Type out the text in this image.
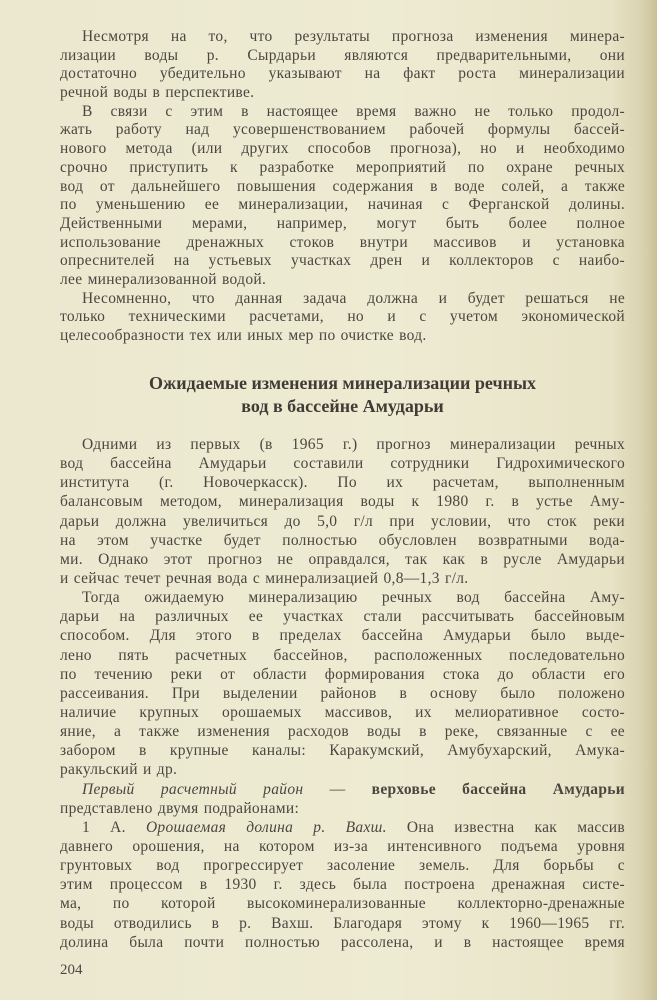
Несмотря на то, что результаты прогноза изменения минера-
лизации воды р. Сырдарьи являются предварительными, они
достаточно убедительно указывают на факт роста минерализации
речной воды в перспективе.
В связи с этим в настоящее время важно не только продол-
жать работу над усовершенствованием рабочей формулы бассей-
нового метода (или других способов прогноза), но и необходимо
срочно приступить к разработке мероприятий по охране речных
вод от дальнейшего повышения содержания в воде солей, а также
по уменьшению ее минерализации, начиная с Ферганской долины.
Действенными мерами, например, могут быть более полное
использование дренажных стоков внутри массивов и установка
опреснителей на устьевых участках дрен и коллекторов с наибо-
лее минерализованной водой.
Несомненно, что данная задача должна и будет решаться не
только техническими расчетами, но и с учетом экономической
целесообразности тех или иных мер по очистке вод.
Ожидаемые изменения минерализации речных
вод в бассейне Амударьи
Одними из первых (в 1965 г.) прогноз минерализации речных
вод бассейна Амударьи составили сотрудники Гидрохимического
института (г. Новочеркасск). По их расчетам, выполненным
балансовым методом, минерализация воды к 1980 г. в устье Аму-
дарьи должна увеличиться до 5,0 г/л при условии, что сток реки
на этом участке будет полностью обусловлен возвратными вода-
ми. Однако этот прогноз не оправдался, так как в русле Амударьи
и сейчас течет речная вода с минерализацией 0,8—1,3 г/л.
Тогда ожидаемую минерализацию речных вод бассейна Аму-
дарьи на различных ее участках стали рассчитывать бассейновым
способом. Для этого в пределах бассейна Амударьи было выде-
лено пять расчетных бассейнов, расположенных последовательно
по течению реки от области формирования стока до области его
рассеивания. При выделении районов в основу было положено
наличие крупных орошаемых массивов, их мелиоративное состо-
яние, а также изменения расходов воды в реке, связанные с ее
забором в крупные каналы: Каракумский, Амубухарский, Амука-
ракульский и др.
Первый расчетный район — верховье бассейна Амударьи
представлено двумя подрайонами:
1 А. Орошаемая долина р. Вахш. Она известна как массив
давнего орошения, на котором из-за интенсивного подъема уровня
грунтовых вод прогрессирует засоление земель. Для борьбы с
этим процессом в 1930 г. здесь была построена дренажная систе-
ма, по которой высокоминерализованные коллекторно-дренажные
воды отводились в р. Вахш. Благодаря этому к 1960—1965 гг.
долина была почти полностью рассолена, и в настоящее время
204
